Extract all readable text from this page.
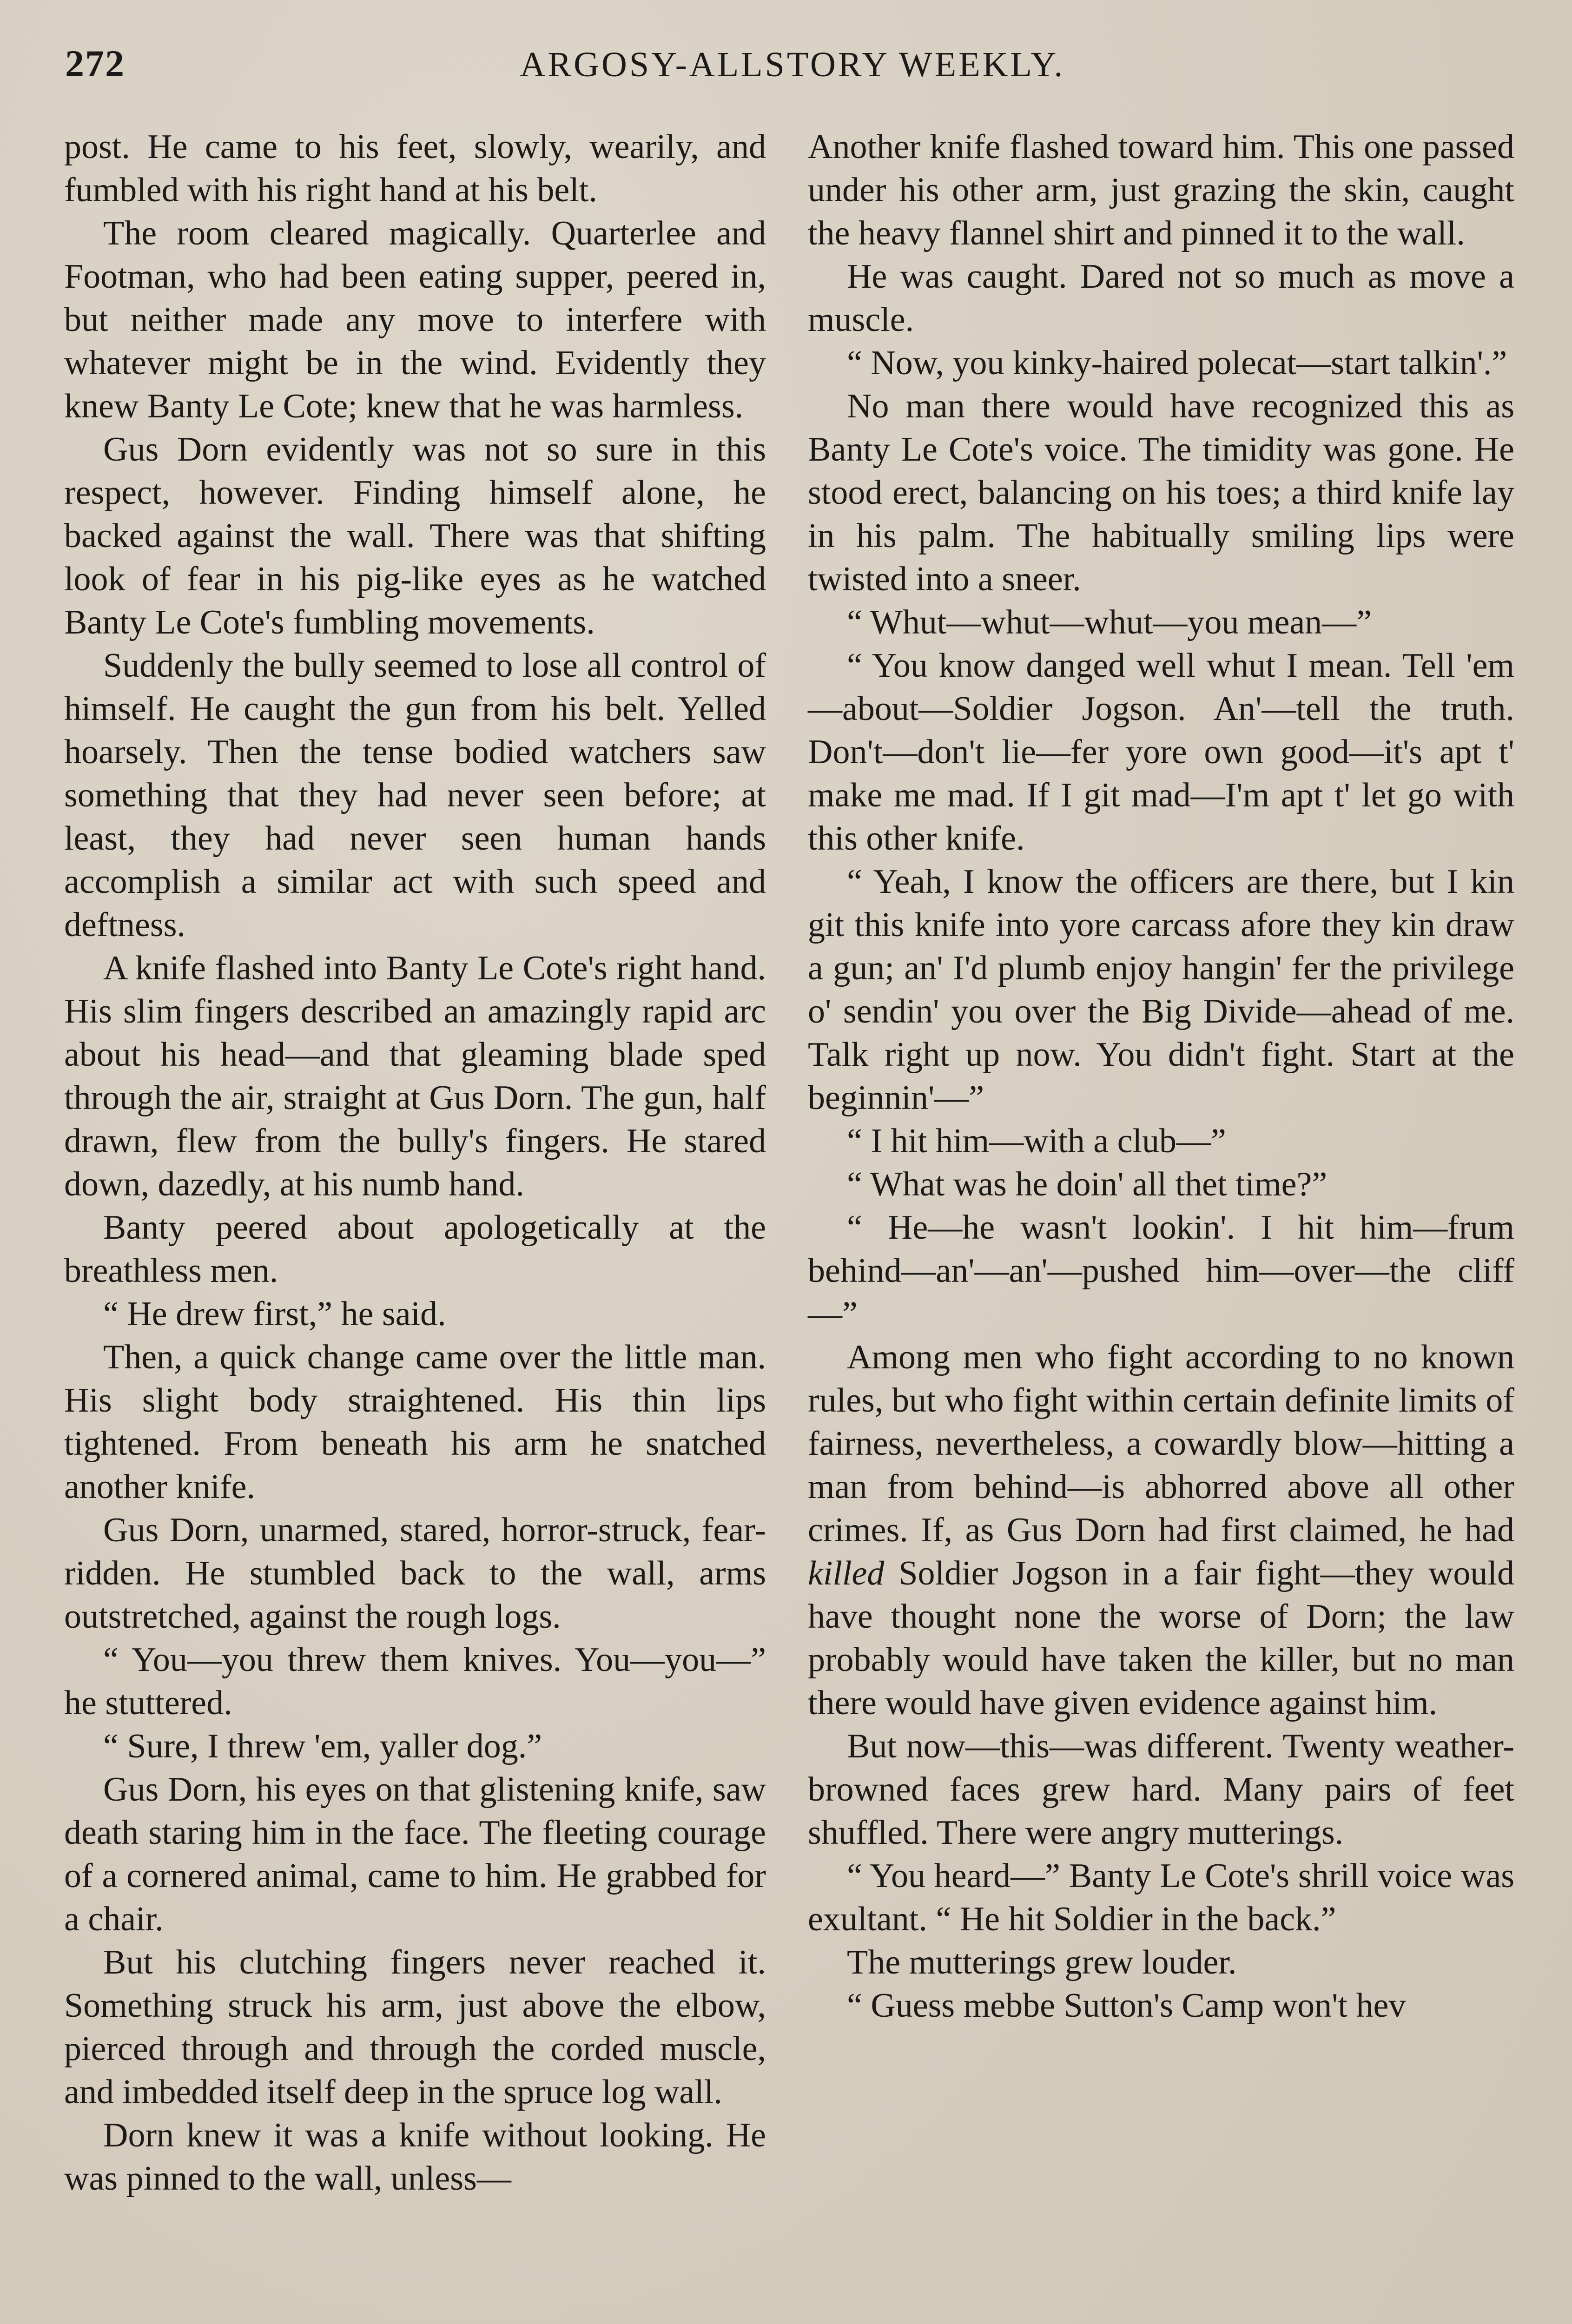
272	ARGOSY-ALLSTORY WEEKLY.

post. He came to his feet, slowly, wearily, and fumbled with his right hand at his belt.

The room cleared magically. Quarterlee and Footman, who had been eating supper, peered in, but neither made any move to interfere with whatever might be in the wind. Evidently they knew Banty Le Cote; knew that he was harmless.

Gus Dorn evidently was not so sure in this respect, however. Finding himself alone, he backed against the wall. There was that shifting look of fear in his pig-like eyes as he watched Banty Le Cote's fumbling movements.

Suddenly the bully seemed to lose all control of himself. He caught the gun from his belt. Yelled hoarsely. Then the tense bodied watchers saw something that they had never seen before; at least, they had never seen human hands accomplish a similar act with such speed and deftness.

A knife flashed into Banty Le Cote's right hand. His slim fingers described an amazingly rapid arc about his head—and that gleaming blade sped through the air, straight at Gus Dorn. The gun, half drawn, flew from the bully's fingers. He stared down, dazedly, at his numb hand.

Banty peered about apologetically at the breathless men.

“ He drew first,” he said.

Then, a quick change came over the little man. His slight body straightened. His thin lips tightened. From beneath his arm he snatched another knife.

Gus Dorn, unarmed, stared, horror-struck, fear-ridden. He stumbled back to the wall, arms outstretched, against the rough logs.

“ You—you threw them knives. You—you—” he stuttered.

“ Sure, I threw 'em, yaller dog.”

Gus Dorn, his eyes on that glistening knife, saw death staring him in the face. The fleeting courage of a cornered animal, came to him. He grabbed for a chair.

But his clutching fingers never reached it. Something struck his arm, just above the elbow, pierced through and through the corded muscle, and imbedded itself deep in the spruce log wall.

Dorn knew it was a knife without looking. He was pinned to the wall, unless—

Another knife flashed toward him. This one passed under his other arm, just grazing the skin, caught the heavy flannel shirt and pinned it to the wall.

He was caught. Dared not so much as move a muscle.

“ Now, you kinky-haired polecat—start talkin'.”

No man there would have recognized this as Banty Le Cote's voice. The timidity was gone. He stood erect, balancing on his toes; a third knife lay in his palm. The habitually smiling lips were twisted into a sneer.

“ Whut—whut—whut—you mean—”

“ You know danged well whut I mean. Tell 'em—about—Soldier Jogson. An'—tell the truth. Don't—don't lie—fer yore own good—it's apt t' make me mad. If I git mad—I'm apt t' let go with this other knife.

“ Yeah, I know the officers are there, but I kin git this knife into yore carcass afore they kin draw a gun; an' I'd plumb enjoy hangin' fer the privilege o' sendin' you over the Big Divide—ahead of me. Talk right up now. You didn't fight. Start at the beginnin'—”

“ I hit him—with a club—”

“ What was he doin' all thet time?”

“ He—he wasn't lookin'. I hit him—frum behind—an'—an'—pushed him—over—the cliff—”

Among men who fight according to no known rules, but who fight within certain definite limits of fairness, nevertheless, a cowardly blow—hitting a man from behind—is abhorred above all other crimes. If, as Gus Dorn had first claimed, he had killed Soldier Jogson in a fair fight—they would have thought none the worse of Dorn; the law probably would have taken the killer, but no man there would have given evidence against him.

But now—this—was different. Twenty weather-browned faces grew hard. Many pairs of feet shuffled. There were angry mutterings.

“ You heard—” Banty Le Cote's shrill voice was exultant. “ He hit Soldier in the back.”

The mutterings grew louder.

“ Guess mebbe Sutton's Camp won't hev
